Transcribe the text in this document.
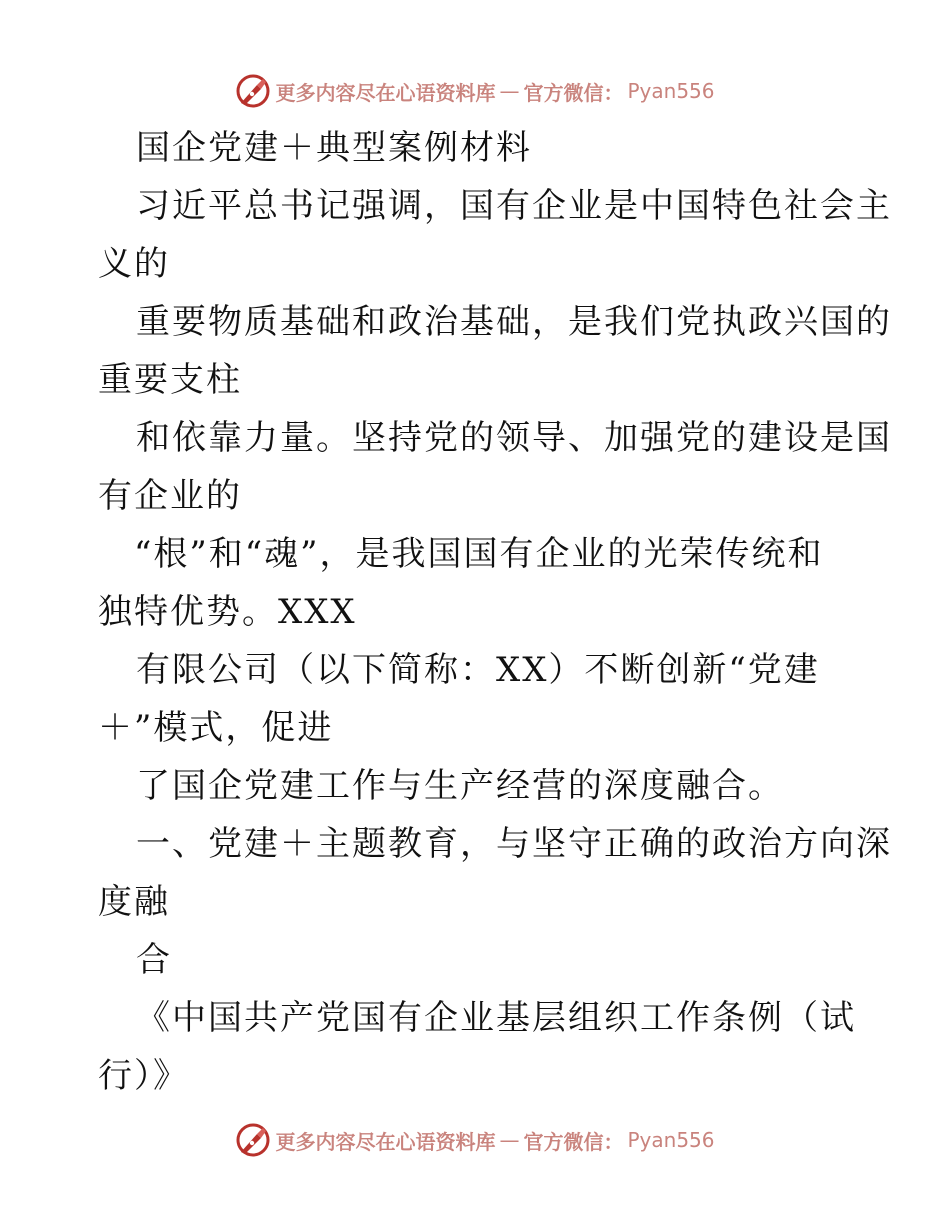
更多内容尽在心语资料库 — 官方微信： Pyan556
国企党建＋典型案例材料
习近平总书记强调，国有企业是中国特色社会主
义的
重要物质基础和政治基础，是我们党执政兴国的
重要支柱
和依靠力量。坚持党的领导、加强党的建设是国
有企业的
“根”和“魂”，是我国国有企业的光荣传统和
独特优势。XXX
有限公司（以下简称：XX）不断创新“党建
＋”模式，促进
了国企党建工作与生产经营的深度融合。
一、党建＋主题教育，与坚守正确的政治方向深
度融
合
《中国共产党国有企业基层组织工作条例（试
行）》
更多内容尽在心语资料库 — 官方微信： Pyan556
